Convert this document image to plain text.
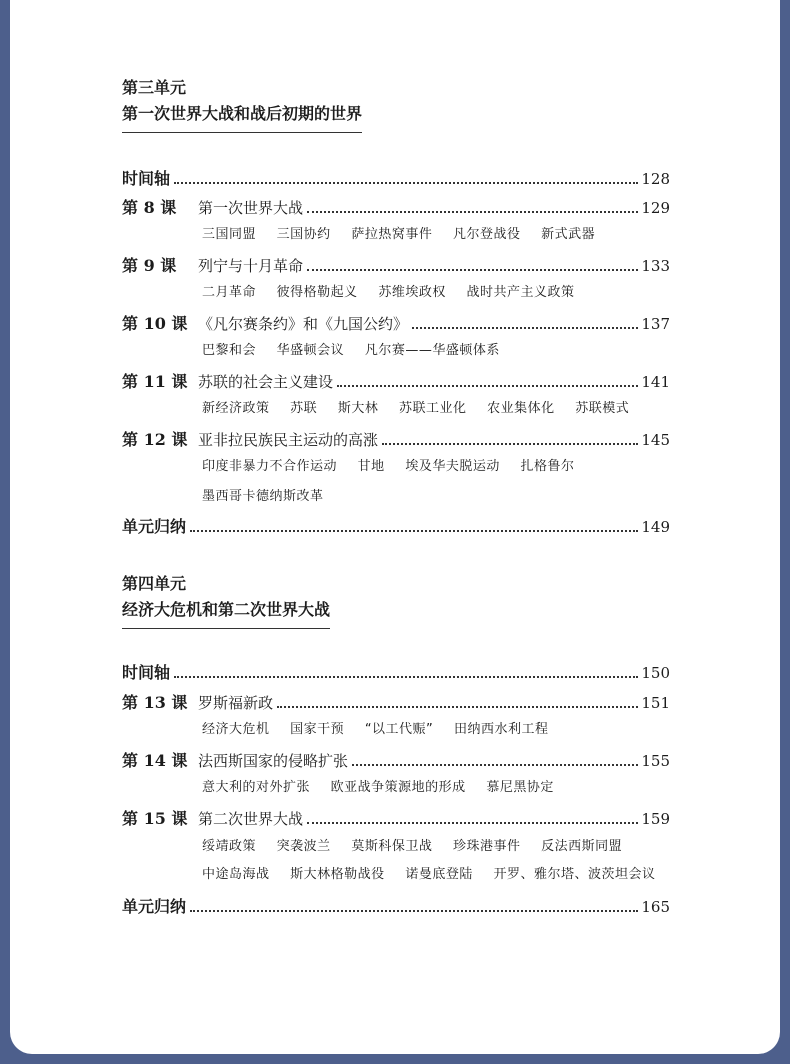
第三单元
第一次世界大战和战后初期的世界
时间轴	128
第 8 课	第一次世界大战	129
三国同盟 三国协约 萨拉热窝事件 凡尔登战役 新式武器
第 9 课	列宁与十月革命	133
二月革命 彼得格勒起义 苏维埃政权 战时共产主义政策
第 10 课 《凡尔赛条约》和《九国公约》	137
巴黎和会 华盛顿会议 凡尔赛——华盛顿体系
第 11 课 苏联的社会主义建设	141
新经济政策 苏联 斯大林 苏联工业化 农业集体化 苏联模式
第 12 课 亚非拉民族民主运动的高涨	145
印度非暴力不合作运动 甘地 埃及华夫脱运动 扎格鲁尔
墨西哥卡德纳斯改革
单元归纳	149
第四单元
经济大危机和第二次世界大战
时间轴	150
第 13 课 罗斯福新政	151
经济大危机 国家干预 “以工代赈” 田纳西水利工程
第 14 课 法西斯国家的侵略扩张	155
意大利的对外扩张 欧亚战争策源地的形成 慕尼黑协定
第 15 课 第二次世界大战	159
绥靖政策 突袭波兰 莫斯科保卫战 珍珠港事件 反法西斯同盟
中途岛海战 斯大林格勒战役 诺曼底登陆 开罗、雅尔塔、波茨坦会议
单元归纳	165
